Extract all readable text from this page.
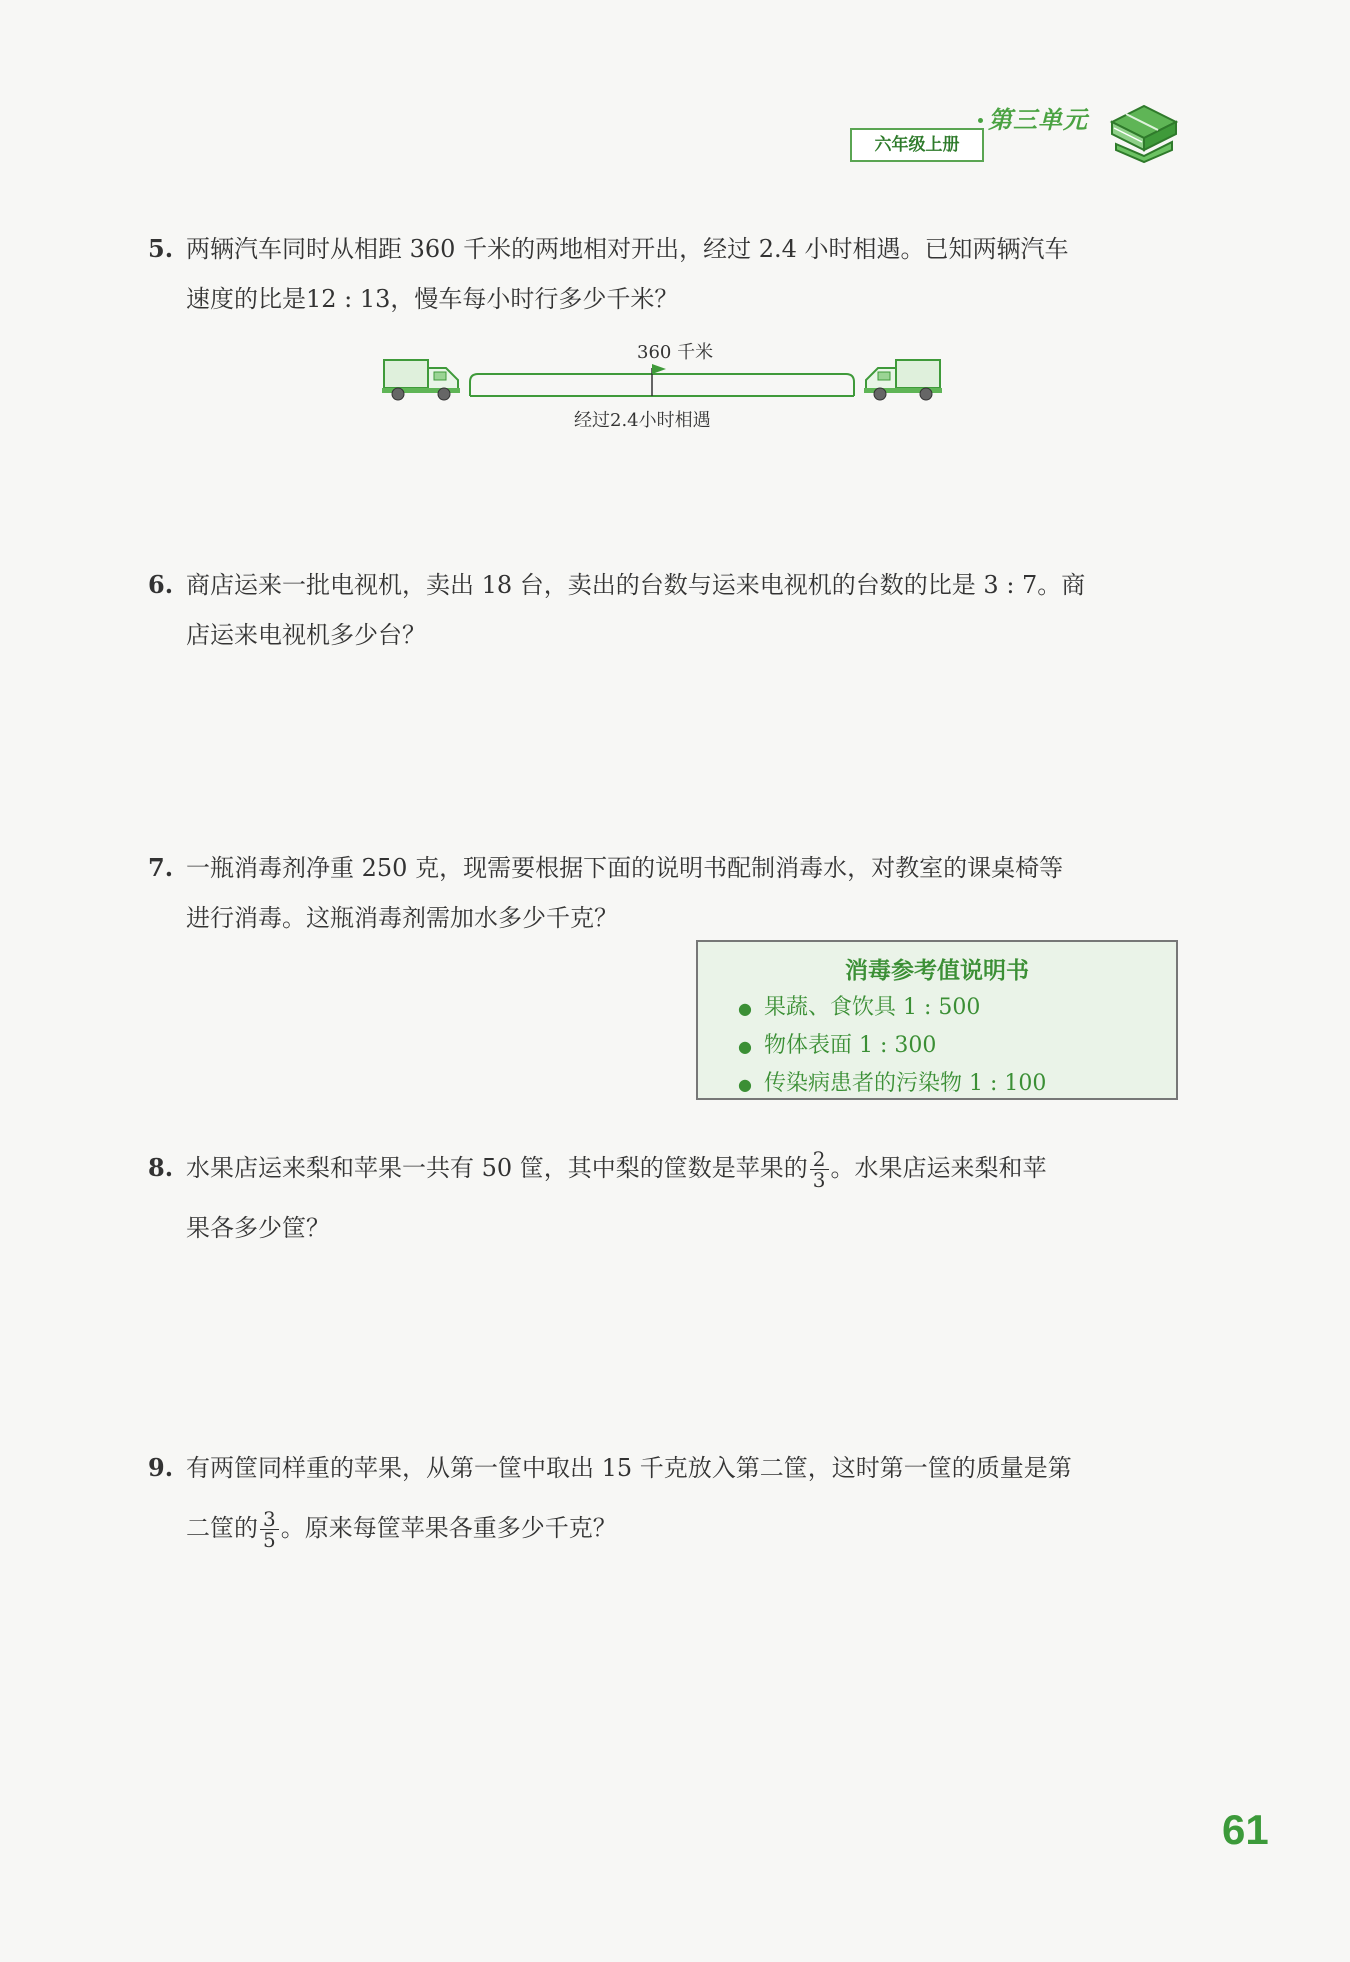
第三单元
六年级上册
5. 两辆汽车同时从相距 360 千米的两地相对开出，经过 2.4 小时相遇。已知两辆汽车
速度的比是12 : 13，慢车每小时行多少千米？
360 千米
经过2.4小时相遇
6. 商店运来一批电视机，卖出 18 台，卖出的台数与运来电视机的台数的比是 3 : 7。商
店运来电视机多少台？
7. 一瓶消毒剂净重 250 克，现需要根据下面的说明书配制消毒水，对教室的课桌椅等
进行消毒。这瓶消毒剂需加水多少千克？
消毒参考值说明书
● 果蔬、食饮具 1 : 500
● 物体表面 1 : 300
● 传染病患者的污染物 1 : 100
8. 水果店运来梨和苹果一共有 50 筐，其中梨的筐数是苹果的 $\frac{2}{3}$ 。水果店运来梨和苹
果各多少筐？
9. 有两筐同样重的苹果，从第一筐中取出 15 千克放入第二筐，这时第一筐的质量是第
二筐的 $\frac{3}{5}$ 。原来每筐苹果各重多少千克？
61
